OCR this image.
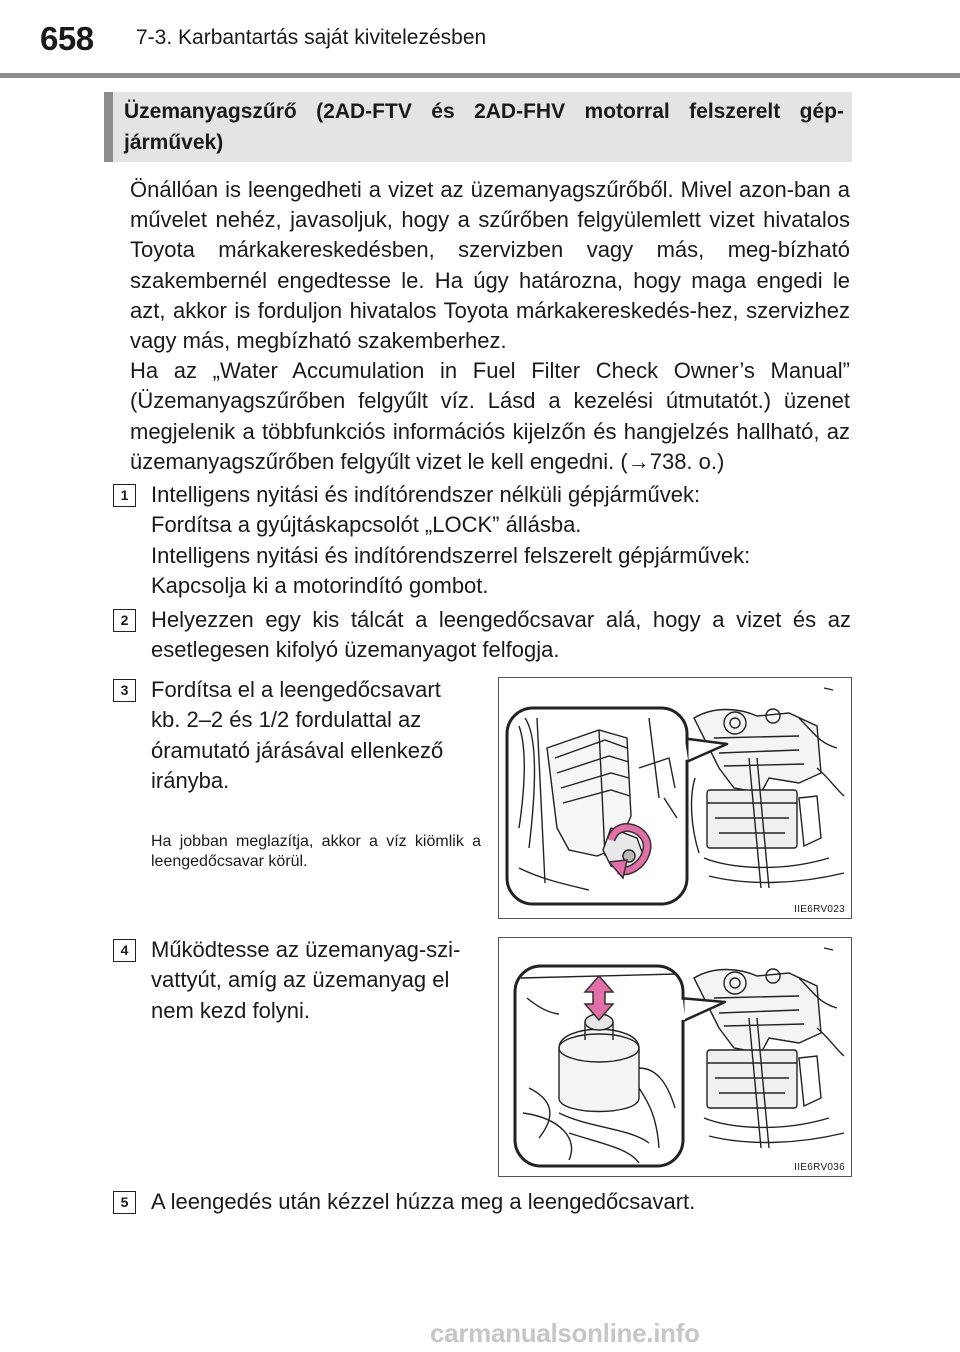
658 7-3. Karbantartás saját kivitelezésben
Üzemanyagszűrő (2AD-FTV és 2AD-FHV motorral felszerelt gép-járművek)

Önállóan is leengedheti a vizet az üzemanyagszűrőből. Mivel azon-ban a művelet nehéz, javasoljuk, hogy a szűrőben felgyülemlett vizet hivatalos Toyota márkakereskedésben, szervizben vagy más, meg-bízható szakembernél engedtesse le. Ha úgy határozna, hogy maga engedi le azt, akkor is forduljon hivatalos Toyota márkakereskedés-hez, szervizhez vagy más, megbízható szakemberhez.

Ha az „Water Accumulation in Fuel Filter Check Owner’s Manual” (Üzemanyagszűrőben felgyűlt víz. Lásd a kezelési útmutatót.) üzenet megjelenik a többfunkciós információs kijelzőn és hangjelzés hallható, az üzemanyagszűrőben felgyűlt vizet le kell engedni. (→738. o.)

1	Intelligens nyitási és indítórendszer nélküli gépjárművek:

Fordítsa a gyújtáskapcsolót „LOCK” állásba.

Intelligens nyitási és indítórendszerrel felszerelt gépjárművek:

Kapcsolja ki a motorindító gombot.

2	Helyezzen egy kis tálcát a leengedőcsavar alá, hogy a vizet és az esetlegesen kifolyó üzemanyagot felfogja.
3	Fordítsa el a leengedőcsavart

kb. 2–2 és 1/2 fordulattal az

óramutató járásával ellenkező

irányba.

Ha jobban meglazítja, akkor a víz kiömlik a leengedőcsavar körül.
IIE6RV023
4	Működtesse az üzemanyag-szi-

vattyút, amíg az üzemanyag el

nem kezd folyni.

IIE6RV036
5	A leengedés után kézzel húzza meg a leengedőcsavart.
carmanualsonline.info
